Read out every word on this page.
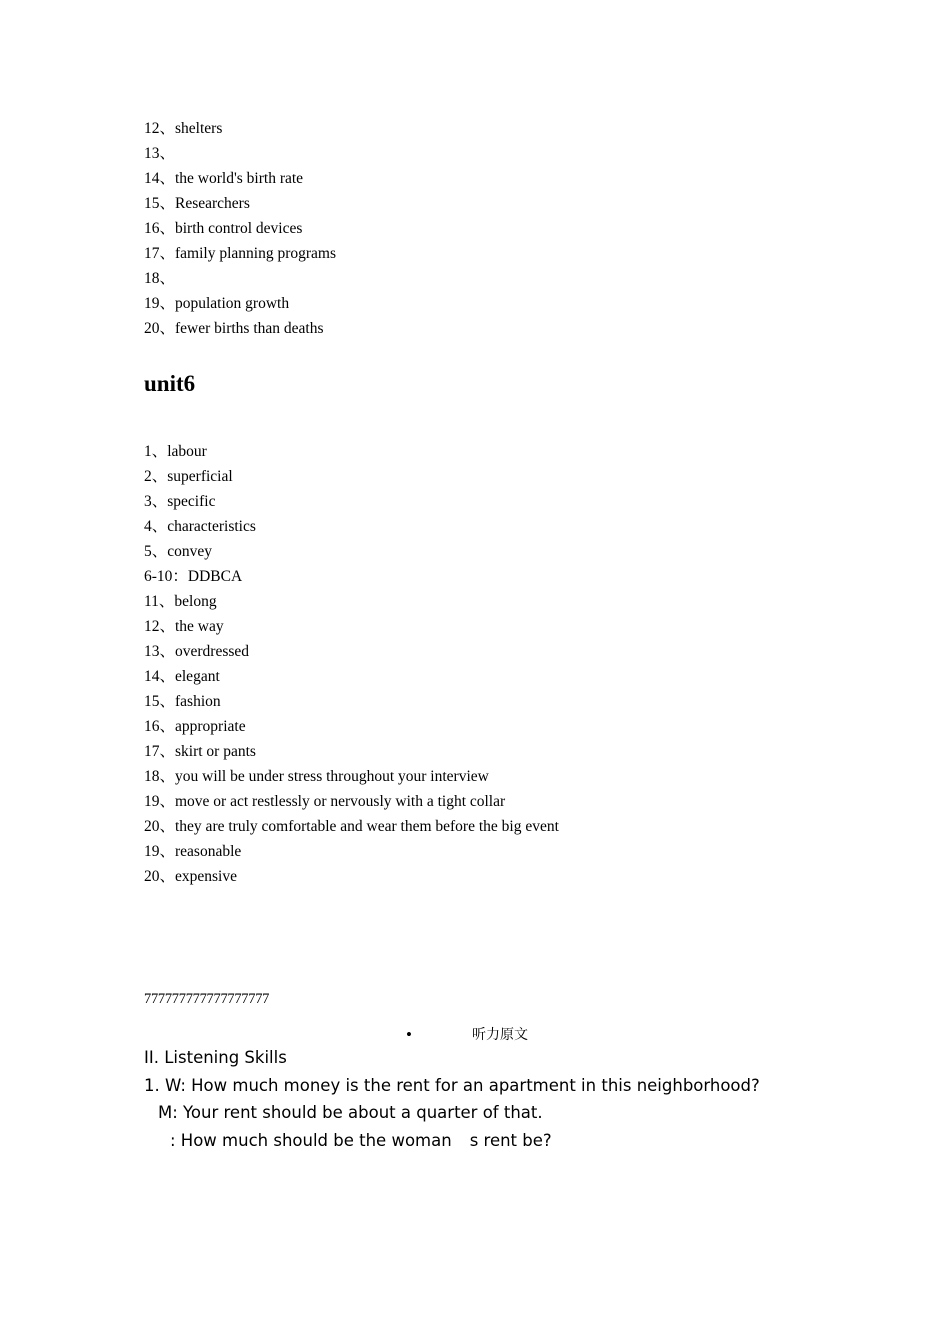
12、shelters
13、
14、the world's birth rate
15、Researchers
16、birth control devices
17、family planning programs
18、
19、population growth
20、fewer births than deaths
unit6
1、labour
2、superficial
3、specific
4、characteristics
5、convey
6-10：DDBCA
11、belong
12、the way
13、overdressed
14、elegant
15、fashion
16、appropriate
17、skirt or pants
18、you will be under stress throughout your interview
19、move or act restlessly or nervously with a tight collar
20、they are truly comfortable and wear them before the big event
19、reasonable
20、expensive
777777777777777777
•	听力原文
II. Listening Skills
1. W: How much money is the rent for an apartment in this neighborhood?
M: Your rent should be about a quarter of that.
: How much should be the woman s rent be?
